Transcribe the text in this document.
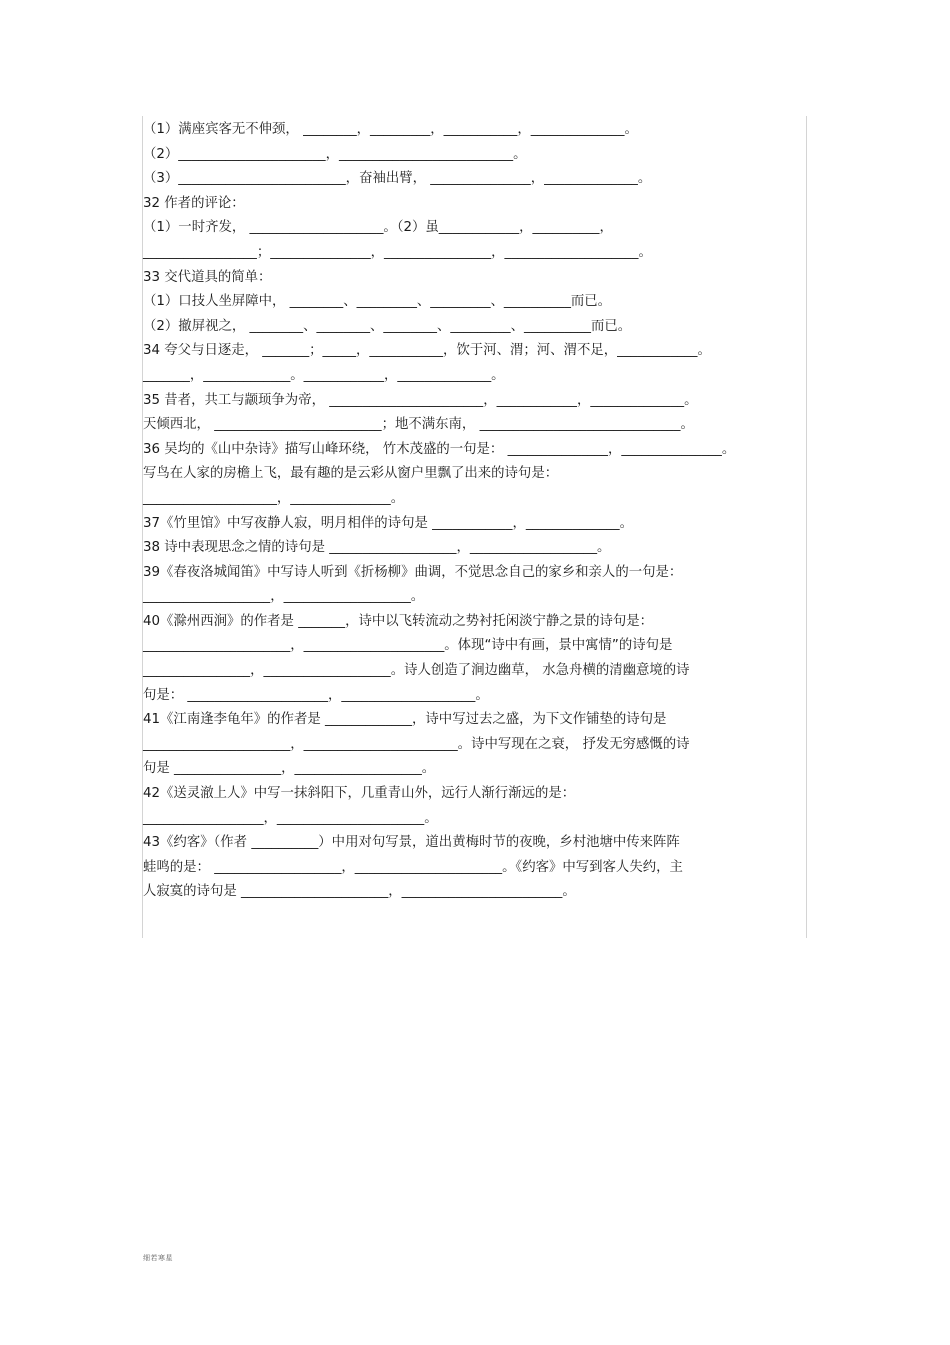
（1）满座宾客无不伸颈， ________，_________，___________，______________。
（2）______________________，__________________________。
（3）_________________________，奋袖出臂， _______________，______________。
32 作者的评论：
（1）一时齐发， ____________________。（2）虽____________，__________，
_________________；_______________，________________，____________________。
33 交代道具的简单：
（1）口技人坐屏障中， ________、_________、_________、__________而已。
（2）撤屏视之， ________、________、________、_________、__________而已。
34 夸父与日逐走， _______；_____，___________，饮于河、渭；河、渭不足，____________。
_______，_____________。____________，______________。
35 昔者，共工与颛顼争为帝， _______________________，____________，______________。
天倾西北， _________________________；地不满东南， ______________________________。
36 吴均的《山中杂诗》描写山峰环绕， 竹木茂盛的一句是： _______________，_______________。
写鸟在人家的房檐上飞，最有趣的是云彩从窗户里飘了出来的诗句是：
____________________，_______________。
37《竹里馆》中写夜静人寂，明月相伴的诗句是 ____________，______________。
38 诗中表现思念之情的诗句是 ___________________，___________________。
39《春夜洛城闻笛》中写诗人听到《折杨柳》曲调，不觉思念自己的家乡和亲人的一句是：
___________________，___________________。
40《滁州西涧》的作者是 _______，诗中以飞转流动之势衬托闲淡宁静之景的诗句是：
______________________，_____________________。体现“诗中有画，景中寓情”的诗句是
________________，___________________。诗人创造了涧边幽草， 水急舟横的清幽意境的诗
句是： _____________________，____________________。
41《江南逢李龟年》的作者是 _____________，诗中写过去之盛，为下文作铺垫的诗句是
______________________，_______________________。诗中写现在之衰， 抒发无穷感慨的诗
句是 ________________，___________________。
42《送灵澈上人》中写一抹斜阳下，几重青山外，远行人渐行渐远的是：
__________________，______________________。
43《约客》（作者 __________）中用对句写景，道出黄梅时节的夜晚，乡村池塘中传来阵阵
蛙鸣的是： ___________________，______________________。《约客》中写到客人失约，主
人寂寞的诗句是 ______________________，________________________。
细若寒星
